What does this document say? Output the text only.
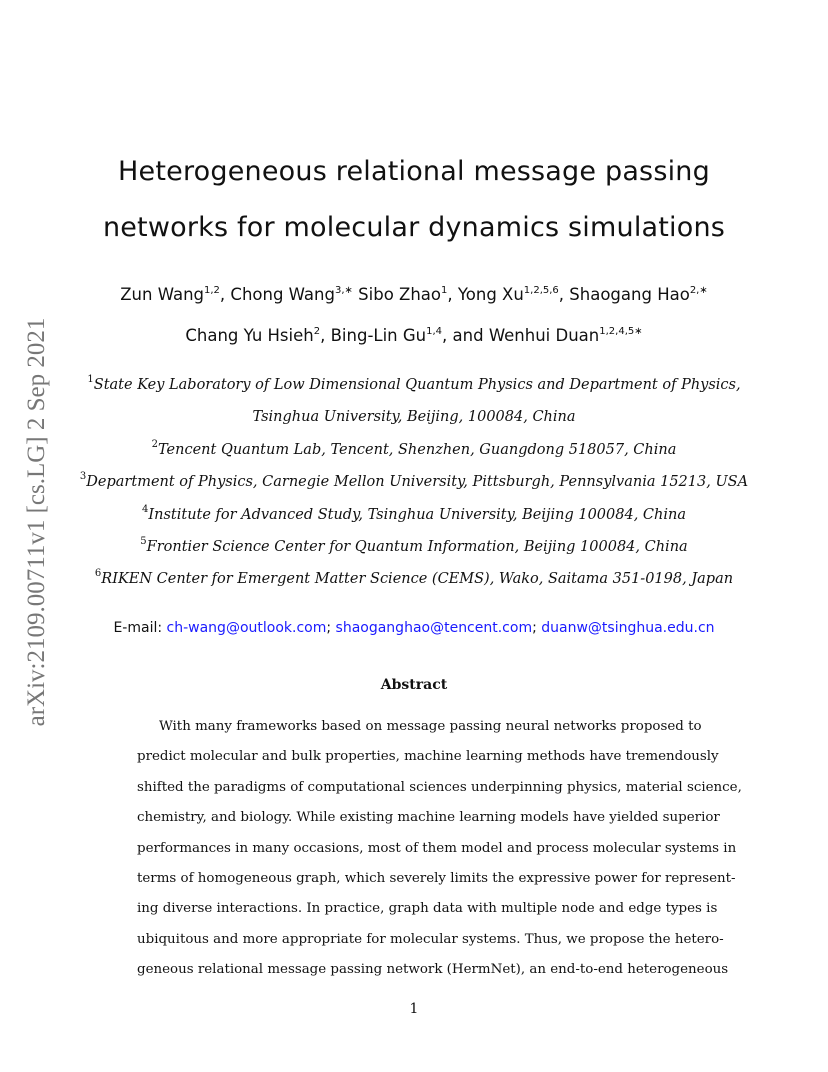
arXiv:2109.00711v1 [cs.LG] 2 Sep 2021
Heterogeneous relational message passing
networks for molecular dynamics simulations
Zun Wang$^{1,2}$, Chong Wang$^{3,∗}$ Sibo Zhao$^1$, Yong Xu$^{1,2,5,6}$, Shaogang Hao$^{2,∗}$
Chang Yu Hsieh$^2$, Bing-Lin Gu$^{1,4}$, and Wenhui Duan$^{1,2,4,5∗}$
$^1$State Key Laboratory of Low Dimensional Quantum Physics and Department of Physics,
Tsinghua University, Beijing, 100084, China
$^2$Tencent Quantum Lab, Tencent, Shenzhen, Guangdong 518057, China
$^3$Department of Physics, Carnegie Mellon University, Pittsburgh, Pennsylvania 15213, USA
$^4$Institute for Advanced Study, Tsinghua University, Beijing 100084, China
$^5$Frontier Science Center for Quantum Information, Beijing 100084, China
$^6$RIKEN Center for Emergent Matter Science (CEMS), Wako, Saitama 351-0198, Japan
E-mail: ch-wang@outlook.com; shaoganghao@tencent.com; duanw@tsinghua.edu.cn
Abstract
With many frameworks based on message passing neural networks proposed to
predict molecular and bulk properties, machine learning methods have tremendously
shifted the paradigms of computational sciences underpinning physics, material science,
chemistry, and biology. While existing machine learning models have yielded superior
performances in many occasions, most of them model and process molecular systems in
terms of homogeneous graph, which severely limits the expressive power for represent-
ing diverse interactions. In practice, graph data with multiple node and edge types is
ubiquitous and more appropriate for molecular systems. Thus, we propose the hetero-
geneous relational message passing network (HermNet), an end-to-end heterogeneous
1
